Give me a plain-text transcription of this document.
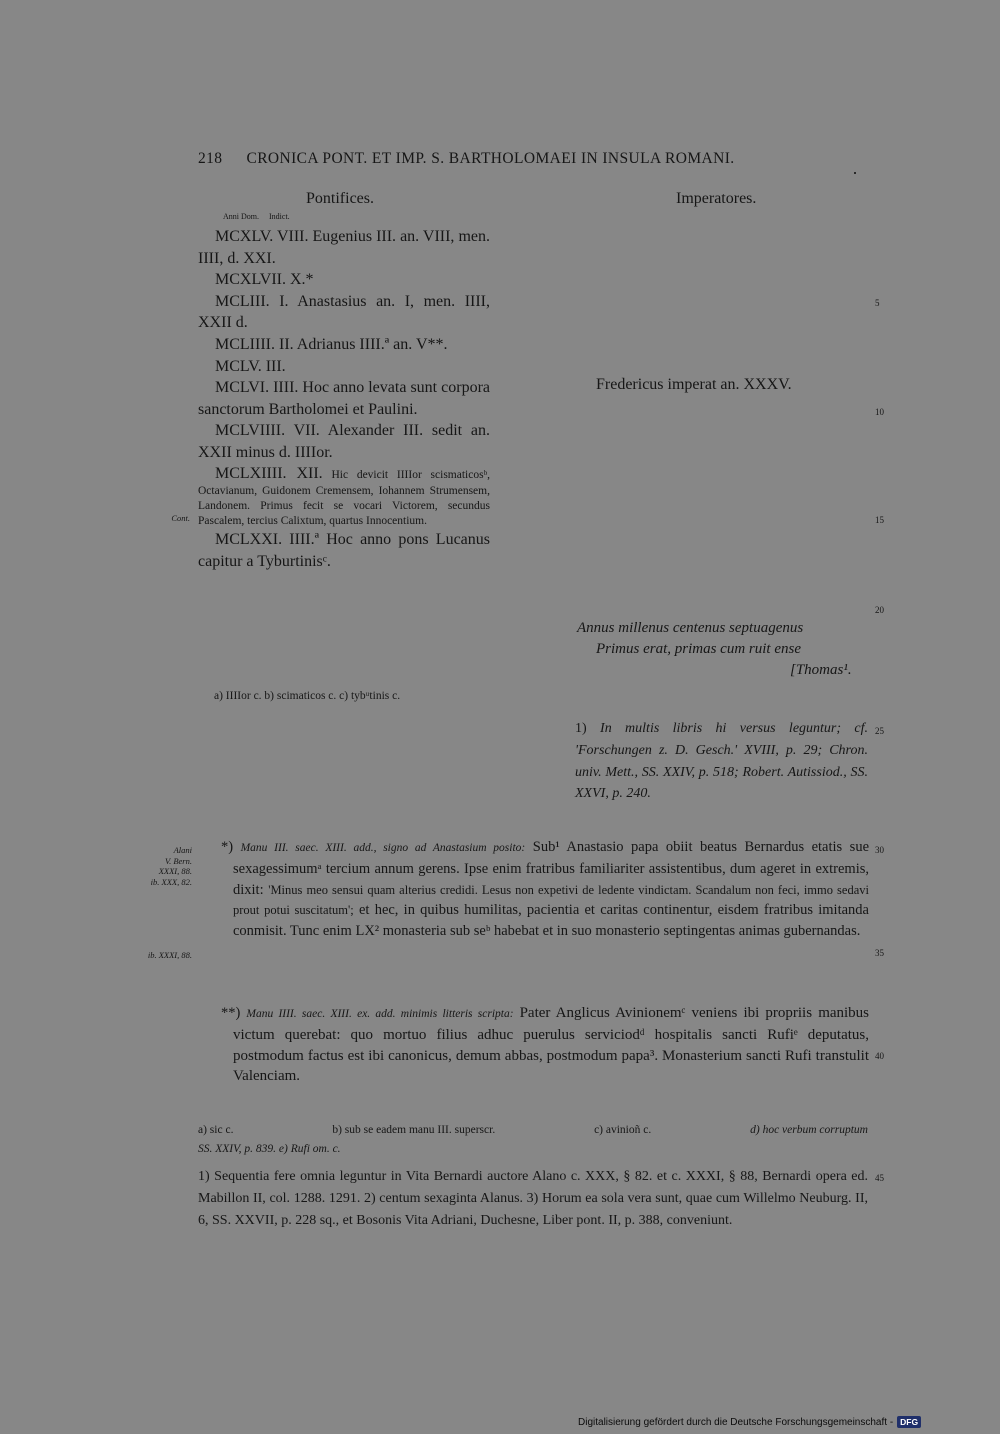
218 CRONICA PONT. ET IMP. S. BARTHOLOMAEI IN INSULA ROMANI.
Pontifices.	Imperatores.
Anni Dom. Indict.
MCXLV. VIII. Eugenius III. an. VIII, men. IIII, d. XXI.
MCXLVII. X.*
MCLIII. I. Anastasius an. I, men. IIII, XXII d.
MCLIIII. II. Adrianus IIII.ª an. V**.
MCLV. III.
MCLVI. IIII. Hoc anno levata sunt corpora sanctorum Bartholomei et Paulini.
MCLVIIII. VII. Alexander III. sedit an. XXII minus d. IIIIor.
MCLXIIII. XII. Hic devicit IIIIor scismaticosᵇ, Octavianum, Guidonem Cremensem, Iohannem Strumensem, Landonem. Primus fecit se vocari Victorem, secundus Pascalem, tercius Calixtum, quartus Innocentium.
MCLXXI. IIII.ª Hoc anno pons Lucanus capitur a Tyburtinisᶜ.
Cont.
Fredericus imperat an. XXXV.
Annus millenus centenus septuagenus
Primus erat, primas cum ruit ense
[Thomas¹.
a) IIIIor c. b) scimaticos c. c) tybᵘtinis c.
1) In multis libris hi versus leguntur; cf. 'Forschungen z. D. Gesch.' XVIII, p. 29; Chron. univ. Mett., SS. XXIV, p. 518; Robert. Autissiod., SS. XXVI, p. 240.
Alani
V. Bern.
XXXI, 88.
ib. XXX, 82.
ib. XXXI, 88.
*) Manu III. saec. XIII. add., signo ad Anastasium posito: Sub¹ Anastasio papa obiit beatus Bernardus etatis sue sexagessimumᵃ tercium annum gerens. Ipse enim fratribus familiariter assistentibus, dum ageret in extremis, dixit: 'Minus meo sensui quam alterius credidi. Lesus non expetivi de ledente vindictam. Scandalum non feci, immo sedavi prout potui suscitatum'; et hec, in quibus humilitas, pacientia et caritas continentur, eisdem fratribus imitanda conmisit. Tunc enim LX² monasteria sub seᵇ habebat et in suo monasterio septingentas animas gubernandas.
**) Manu IIII. saec. XIII. ex. add. minimis litteris scripta: Pater Anglicus Avinionemᶜ veniens ibi propriis manibus victum querebat: quo mortuo filius adhuc puerulus serviciodᵈ hospitalis sancti Rufiᵉ deputatus, postmodum factus est ibi canonicus, demum abbas, postmodum papa³. Monasterium sancti Rufi transtulit Valenciam.
a) sic c.	b) sub se eadem manu III. superscr.	c) avinioñ c.	d) hoc verbum corruptum
SS. XXIV, p. 839. e) Rufi om. c.
1) Sequentia fere omnia leguntur in Vita Bernardi auctore Alano c. XXX, § 82. et c. XXXI, § 88, Bernardi opera ed. Mabillon II, col. 1288. 1291. 2) centum sexaginta Alanus. 3) Horum ea sola vera sunt, quae cum Willelmo Neuburg. II, 6, SS. XXVII, p. 228 sq., et Bosonis Vita Adriani, Duchesne, Liber pont. II, p. 388, conveniunt.
5
10
15
20
25
30
35
40
45
Digitalisierung gefördert durch die Deutsche Forschungsgemeinschaft - DFG
